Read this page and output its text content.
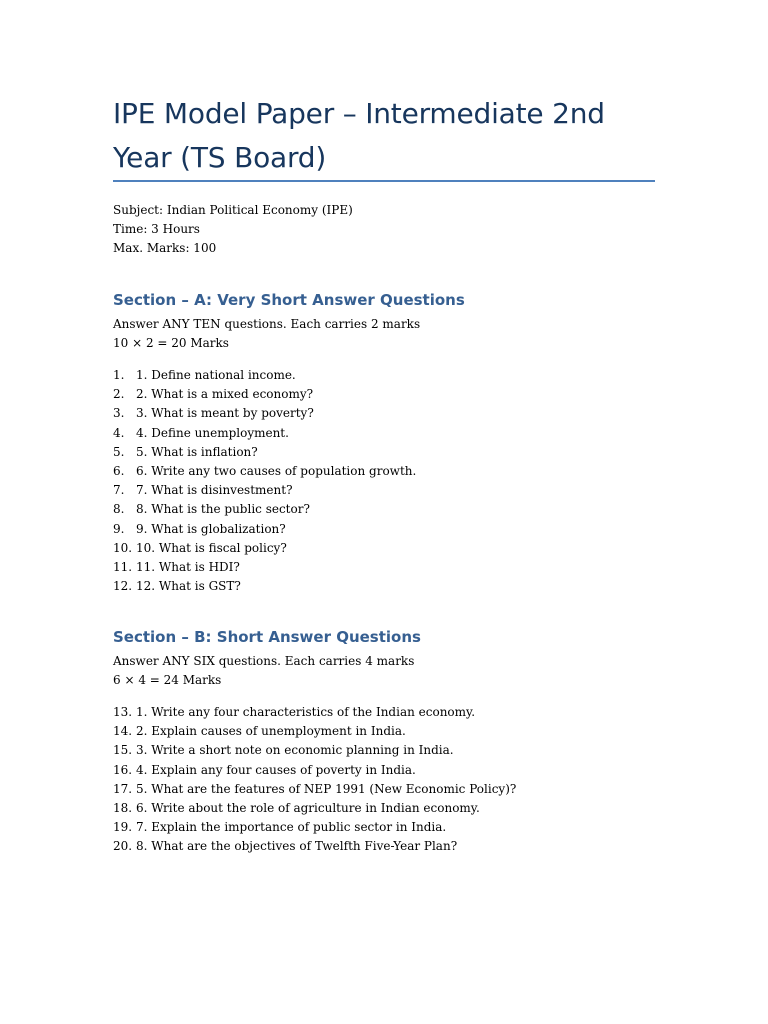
IPE Model Paper – Intermediate 2nd Year (TS Board)
Subject: Indian Political Economy (IPE)
Time: 3 Hours
Max. Marks: 100
Section – A: Very Short Answer Questions
Answer ANY TEN questions. Each carries 2 marks
10 × 2 = 20 Marks
1. 1. Define national income.
2. 2. What is a mixed economy?
3. 3. What is meant by poverty?
4. 4. Define unemployment.
5. 5. What is inflation?
6. 6. Write any two causes of population growth.
7. 7. What is disinvestment?
8. 8. What is the public sector?
9. 9. What is globalization?
10. 10. What is fiscal policy?
11. 11. What is HDI?
12. 12. What is GST?
Section – B: Short Answer Questions
Answer ANY SIX questions. Each carries 4 marks
6 × 4 = 24 Marks
13. 1. Write any four characteristics of the Indian economy.
14. 2. Explain causes of unemployment in India.
15. 3. Write a short note on economic planning in India.
16. 4. Explain any four causes of poverty in India.
17. 5. What are the features of NEP 1991 (New Economic Policy)?
18. 6. Write about the role of agriculture in Indian economy.
19. 7. Explain the importance of public sector in India.
20. 8. What are the objectives of Twelfth Five-Year Plan?
